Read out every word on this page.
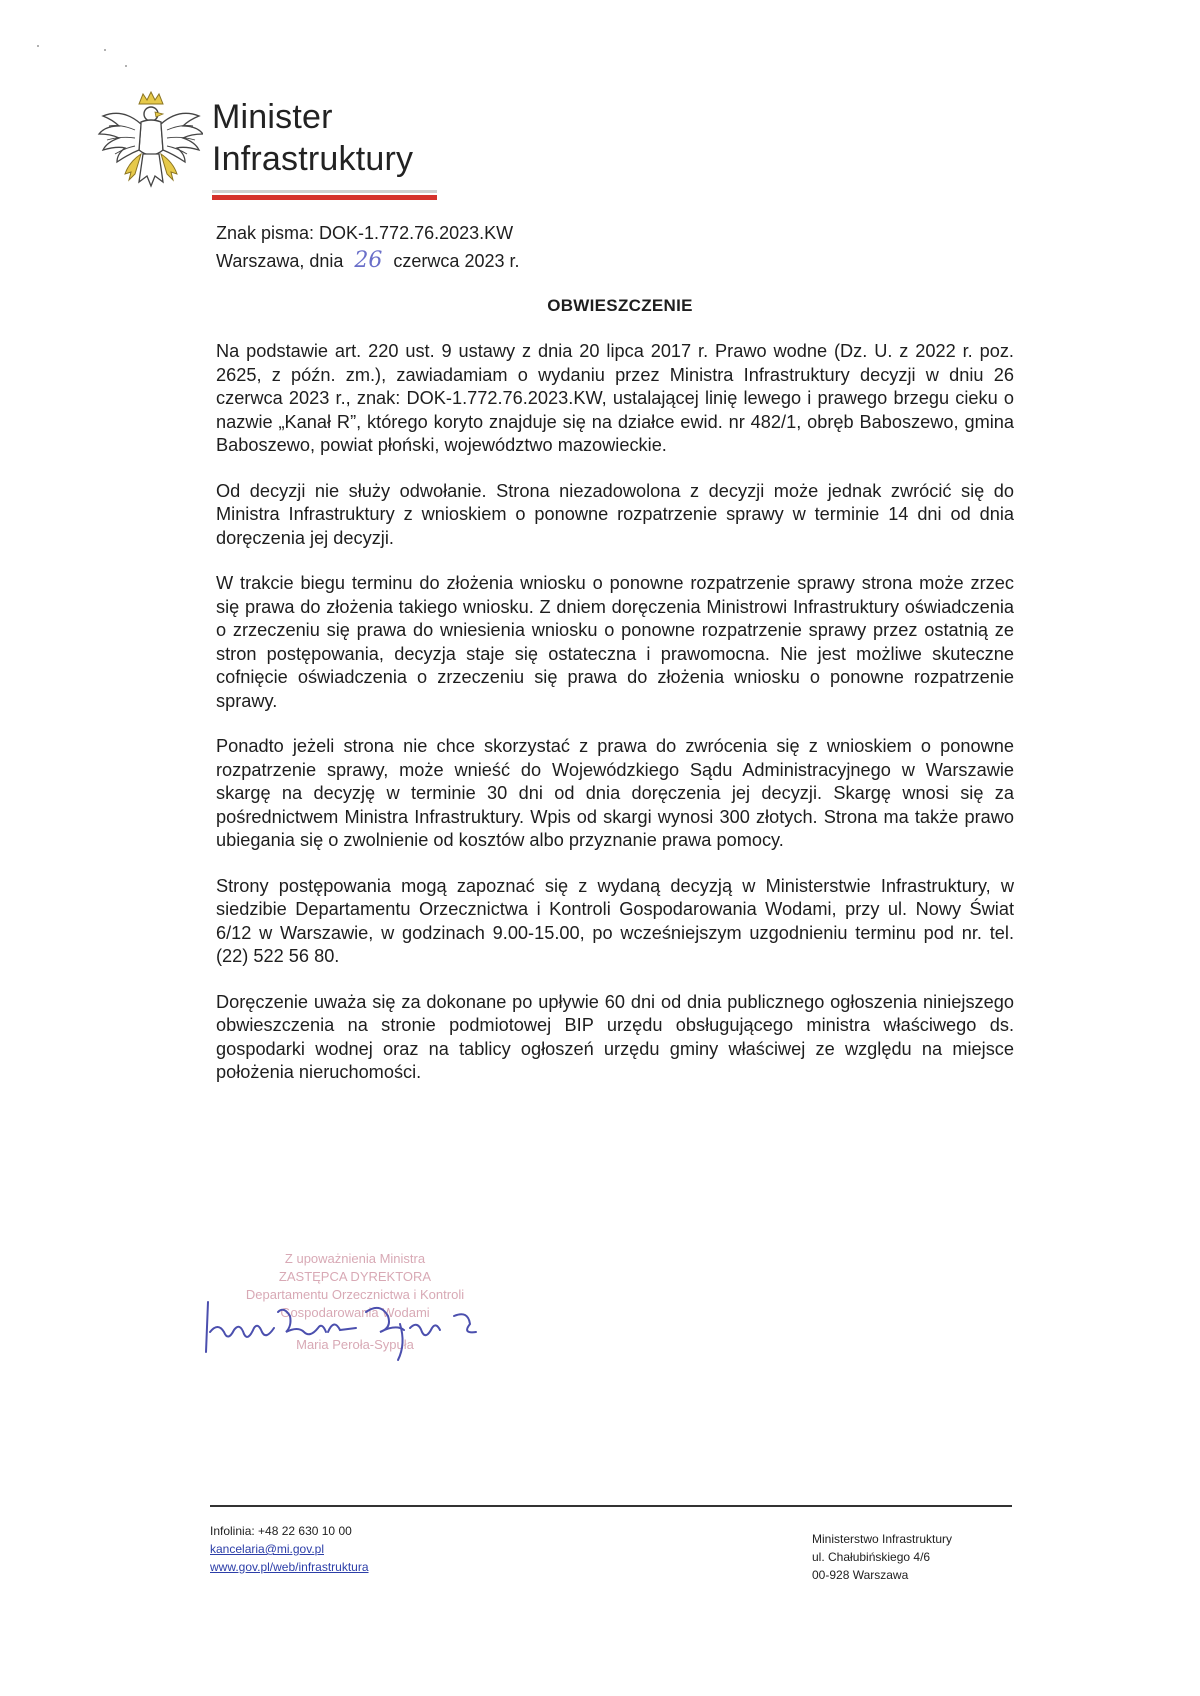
Minister
Infrastruktury
Znak pisma: DOK-1.772.76.2023.KW
Warszawa, dnia 26 czerwca 2023 r.
OBWIESZCZENIE

Na podstawie art. 220 ust. 9 ustawy z dnia 20 lipca 2017 r. Prawo wodne (Dz. U. z 2022 r. poz. 2625, z późn. zm.), zawiadamiam o wydaniu przez Ministra Infrastruktury decyzji w dniu 26 czerwca 2023 r., znak: DOK-1.772.76.2023.KW, ustalającej linię lewego i prawego brzegu cieku o nazwie „Kanał R”, którego koryto znajduje się na działce ewid. nr 482/1, obręb Baboszewo, gmina Baboszewo, powiat płoński, województwo mazowieckie.

Od decyzji nie służy odwołanie. Strona niezadowolona z decyzji może jednak zwrócić się do Ministra Infrastruktury z wnioskiem o ponowne rozpatrzenie sprawy w terminie 14 dni od dnia doręczenia jej decyzji.

W trakcie biegu terminu do złożenia wniosku o ponowne rozpatrzenie sprawy strona może zrzec się prawa do złożenia takiego wniosku. Z dniem doręczenia Ministrowi Infrastruktury oświadczenia o zrzeczeniu się prawa do wniesienia wniosku o ponowne rozpatrzenie sprawy przez ostatnią ze stron postępowania, decyzja staje się ostateczna i prawomocna. Nie jest możliwe skuteczne cofnięcie oświadczenia o zrzeczeniu się prawa do złożenia wniosku o ponowne rozpatrzenie sprawy.

Ponadto jeżeli strona nie chce skorzystać z prawa do zwrócenia się z wnioskiem o ponowne rozpatrzenie sprawy, może wnieść do Wojewódzkiego Sądu Administracyjnego w Warszawie skargę na decyzję w terminie 30 dni od dnia doręczenia jej decyzji. Skargę wnosi się za pośrednictwem Ministra Infrastruktury. Wpis od skargi wynosi 300 złotych. Strona ma także prawo ubiegania się o zwolnienie od kosztów albo przyznanie prawa pomocy.

Strony postępowania mogą zapoznać się z wydaną decyzją w Ministerstwie Infrastruktury, w siedzibie Departamentu Orzecznictwa i Kontroli Gospodarowania Wodami, przy ul. Nowy Świat 6/12 w Warszawie, w godzinach 9.00-15.00, po wcześniejszym uzgodnieniu terminu pod nr. tel. (22) 522 56 80.

Doręczenie uważa się za dokonane po upływie 60 dni od dnia publicznego ogłoszenia niniejszego obwieszczenia na stronie podmiotowej BIP urzędu obsługującego ministra właściwego ds. gospodarki wodnej oraz na tablicy ogłoszeń urzędu gminy właściwej ze względu na miejsce położenia nieruchomości.

Z upoważnienia Ministra
ZASTĘPCA DYREKTORA
Departamentu Orzecznictwa i Kontroli
Gospodarowania Wodami
Maria Peroła-Sypuła
Infolinia: +48 22 630 10 00
kancelaria@mi.gov.pl
www.gov.pl/web/infrastruktura
Ministerstwo Infrastruktury
ul. Chałubińskiego 4/6
00-928 Warszawa
